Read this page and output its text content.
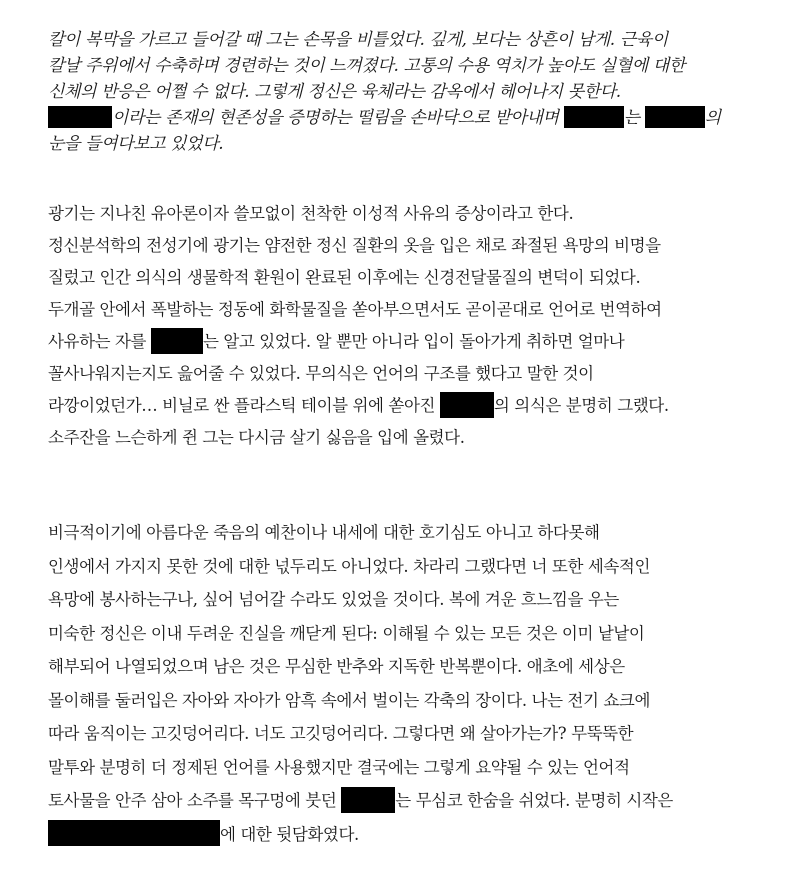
칼이 복막을 가르고 들어갈 때 그는 손목을 비틀었다. 깊게, 보다는 상흔이 남게. 근육이
칼날 주위에서 수축하며 경련하는 것이 느껴졌다. 고통의 수용 역치가 높아도 실혈에 대한
신체의 반응은 어쩔 수 없다. 그렇게 정신은 육체라는 감옥에서 헤어나지 못한다.
이라는 존재의 현존성을 증명하는 떨림을 손바닥으로 받아내며	는	의
눈을 들여다보고 있었다.
광기는 지나친 유아론이자 쓸모없이 천착한 이성적 사유의 증상이라고 한다.
정신분석학의 전성기에 광기는 얌전한 정신 질환의 옷을 입은 채로 좌절된 욕망의 비명을
질렀고 인간 의식의 생물학적 환원이 완료된 이후에는 신경전달물질의 변덕이 되었다.
두개골 안에서 폭발하는 정동에 화학물질을 쏟아부으면서도 곧이곧대로 언어로 번역하여
사유하는 자를	는 알고 있었다. 알 뿐만 아니라 입이 돌아가게 취하면 얼마나
꼴사나워지는지도 읊어줄 수 있었다. 무의식은 언어의 구조를 했다고 말한 것이
라깡이었던가… 비닐로 싼 플라스틱 테이블 위에 쏟아진	의 의식은 분명히 그랬다.
소주잔을 느슨하게 쥔 그는 다시금 살기 싫음을 입에 올렸다.
비극적이기에 아름다운 죽음의 예찬이나 내세에 대한 호기심도 아니고 하다못해
인생에서 가지지 못한 것에 대한 넋두리도 아니었다. 차라리 그랬다면 너 또한 세속적인
욕망에 봉사하는구나, 싶어 넘어갈 수라도 있었을 것이다. 복에 겨운 흐느낌을 우는
미숙한 정신은 이내 두려운 진실을 깨닫게 된다: 이해될 수 있는 모든 것은 이미 낱낱이
해부되어 나열되었으며 남은 것은 무심한 반추와 지독한 반복뿐이다. 애초에 세상은
몰이해를 둘러입은 자아와 자아가 암흑 속에서 벌이는 각축의 장이다. 나는 전기 쇼크에
따라 움직이는 고깃덩어리다. 너도 고깃덩어리다. 그렇다면 왜 살아가는가? 무뚝뚝한
말투와 분명히 더 정제된 언어를 사용했지만 결국에는 그렇게 요약될 수 있는 언어적
토사물을 안주 삼아 소주를 목구멍에 붓던	는 무심코 한숨을 쉬었다. 분명히 시작은
에 대한 뒷담화였다.
